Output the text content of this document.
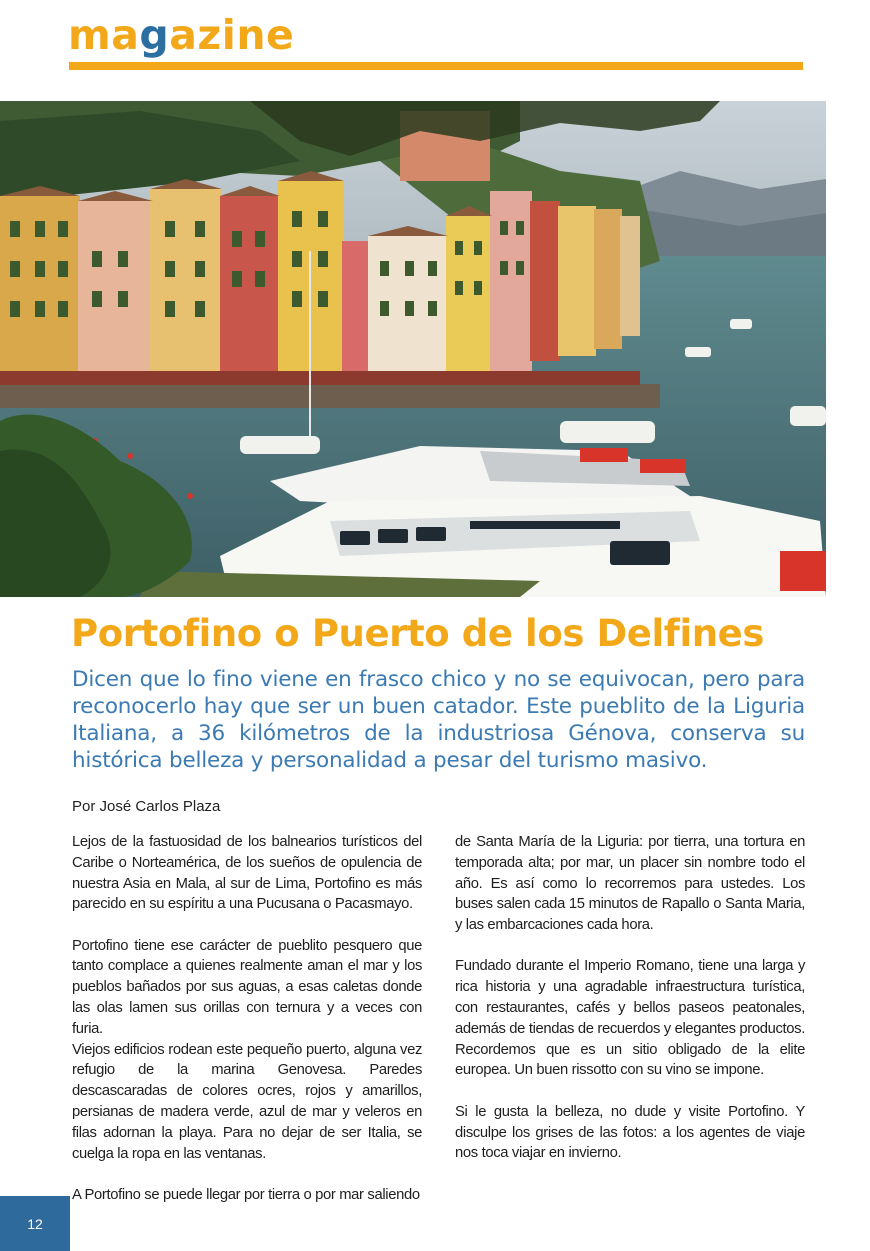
magazine
Portofino o Puerto de los Delfines

Dicen que lo fino viene en frasco chico y no se equivocan, pero para reconocerlo hay que ser un buen catador. Este pueblito de la Liguria Italiana, a 36 kilómetros de la industriosa Génova, conserva su histórica belleza y personalidad a pesar del turismo masivo.

Por José Carlos Plaza

Lejos de la fastuosidad de los balnearios turísticos del Caribe o Norteamérica, de los sueños de opulencia de nuestra Asia en Mala, al sur de Lima, Portofino es más parecido en su espíritu a una Pucusana o Pacasmayo.

Portofino tiene ese carácter de pueblito pesquero que tanto complace a quienes realmente aman el mar y los pueblos bañados por sus aguas, a esas caletas donde las olas lamen sus orillas con ternura y a veces con furia.

Viejos edificios rodean este pequeño puerto, alguna vez refugio de la marina Genovesa. Paredes descascaradas de colores ocres, rojos y amarillos, persianas de madera verde, azul de mar y veleros en filas adornan la playa. Para no dejar de ser Italia, se cuelga la ropa en las ventanas.

A Portofino se puede llegar por tierra o por mar saliendo

de Santa María de la Liguria: por tierra, una tortura en temporada alta; por mar, un placer sin nombre todo el año. Es así como lo recorremos para ustedes. Los buses salen cada 15 minutos de Rapallo o Santa Maria, y las embarcaciones cada hora.

Fundado durante el Imperio Romano, tiene una larga y rica historia y una agradable infraestructura turística, con restaurantes, cafés y bellos paseos peatonales, además de tiendas de recuerdos y elegantes productos. Recordemos que es un sitio obligado de la elite europea. Un buen rissotto con su vino se impone.

Si le gusta la belleza, no dude y visite Portofino. Y disculpe los grises de las fotos: a los agentes de viaje nos toca viajar en invierno.

12
